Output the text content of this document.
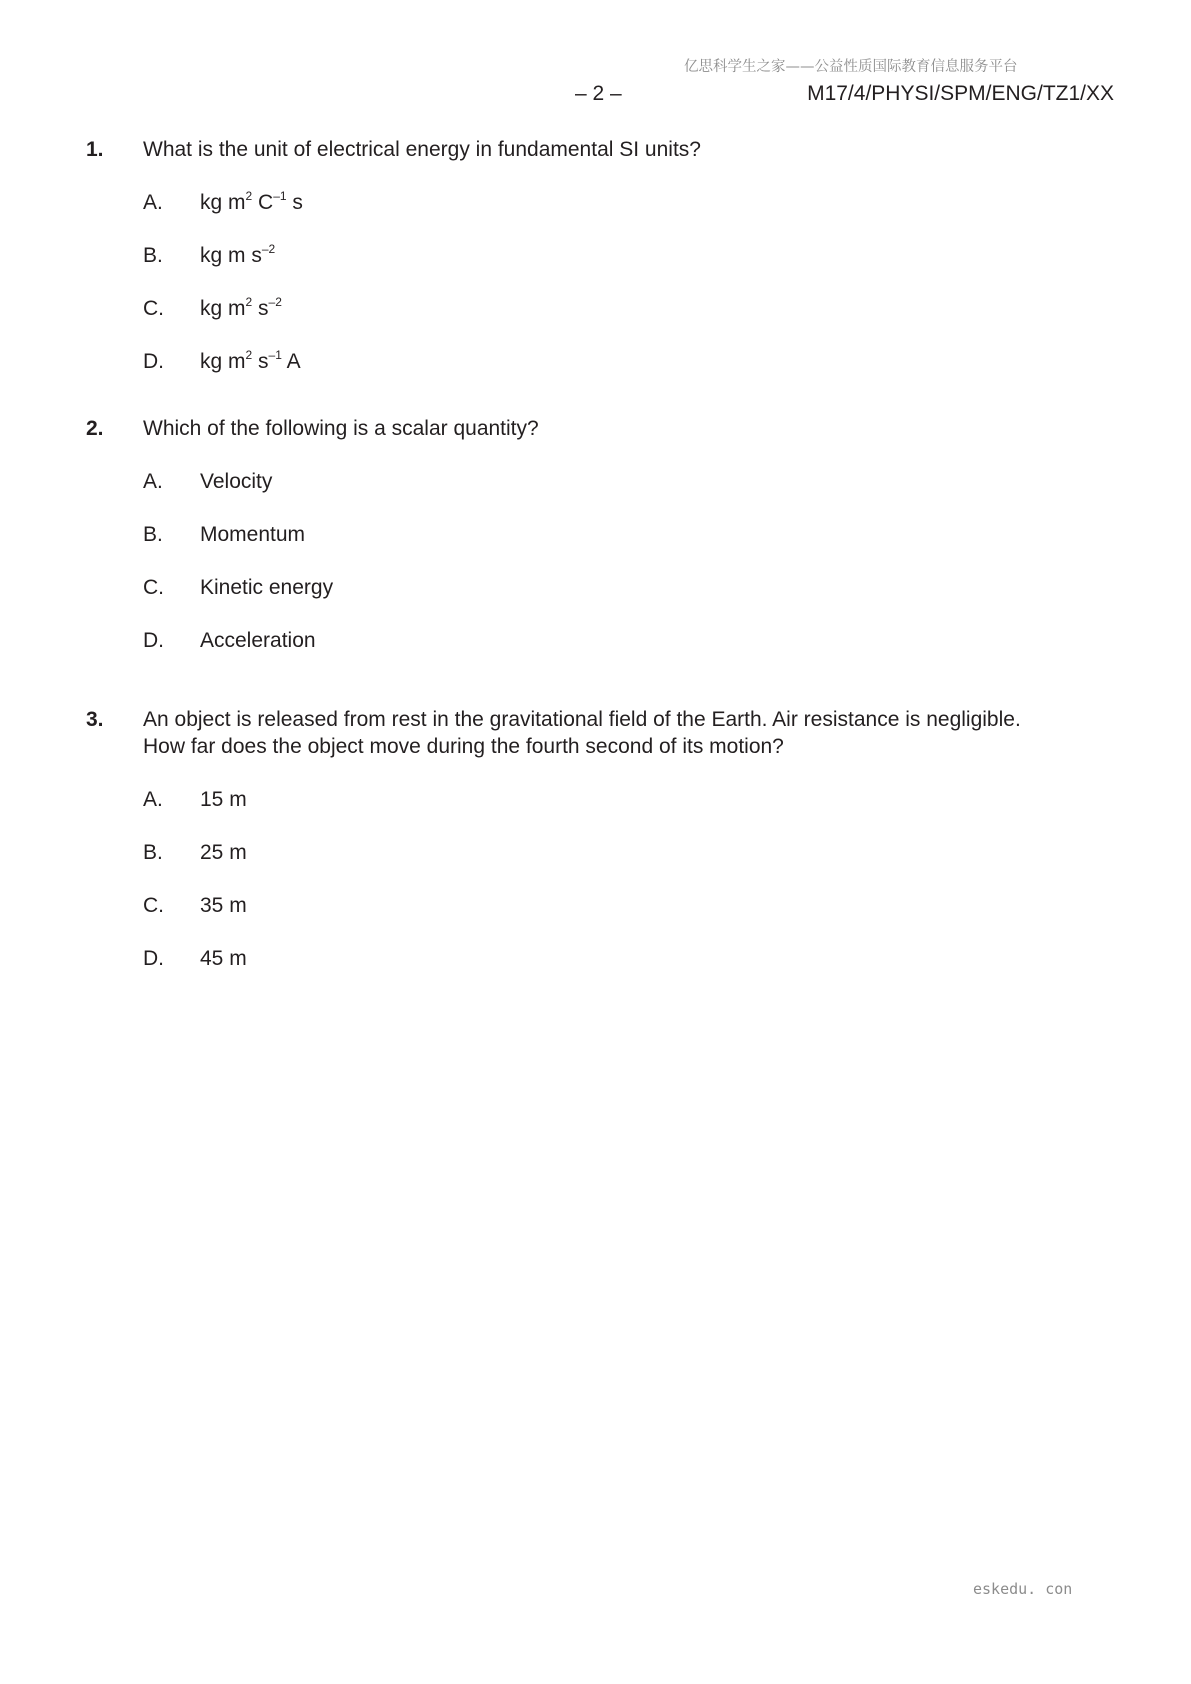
亿思科学生之家——公益性质国际教育信息服务平台
– 2 –	M17/4/PHYSI/SPM/ENG/TZ1/XX
1. What is the unit of electrical energy in fundamental SI units?
A. kg $m^2$ $C^{-1}$ s
B. kg m $s^{-2}$
C. kg $m^2$ $s^{-2}$
D. kg $m^2$ $s^{-1}$ A
2. Which of the following is a scalar quantity?
A. Velocity
B. Momentum
C. Kinetic energy
D. Acceleration
3. An object is released from rest in the gravitational field of the Earth. Air resistance is negligible.
How far does the object move during the fourth second of its motion?
A. 15 m
B. 25 m
C. 35 m
D. 45 m
eskedu. con
